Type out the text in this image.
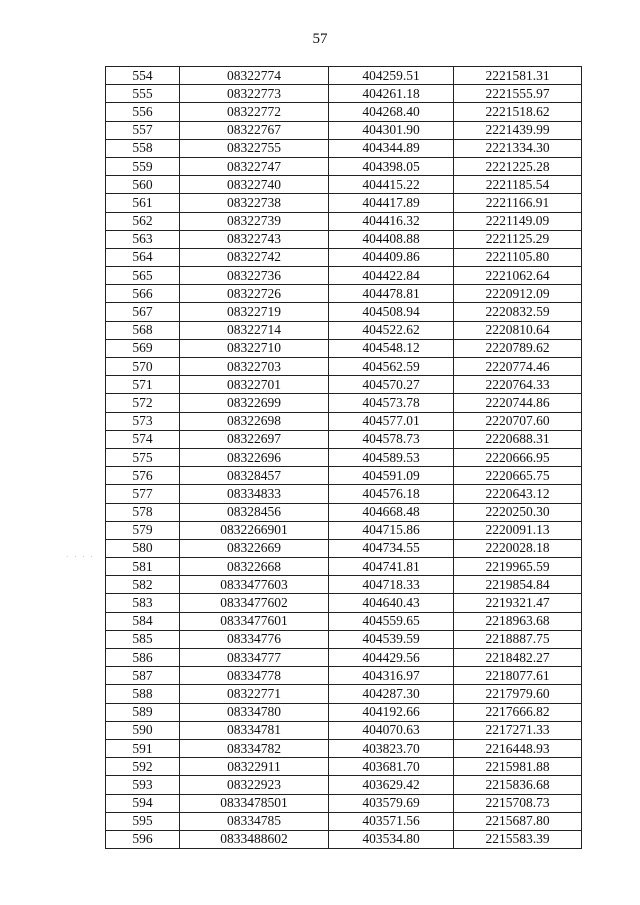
57
· · · ·
554	08322774	404259.51	2221581.31
555	08322773	404261.18	2221555.97
556	08322772	404268.40	2221518.62
557	08322767	404301.90	2221439.99
558	08322755	404344.89	2221334.30
559	08322747	404398.05	2221225.28
560	08322740	404415.22	2221185.54
561	08322738	404417.89	2221166.91
562	08322739	404416.32	2221149.09
563	08322743	404408.88	2221125.29
564	08322742	404409.86	2221105.80
565	08322736	404422.84	2221062.64
566	08322726	404478.81	2220912.09
567	08322719	404508.94	2220832.59
568	08322714	404522.62	2220810.64
569	08322710	404548.12	2220789.62
570	08322703	404562.59	2220774.46
571	08322701	404570.27	2220764.33
572	08322699	404573.78	2220744.86
573	08322698	404577.01	2220707.60
574	08322697	404578.73	2220688.31
575	08322696	404589.53	2220666.95
576	08328457	404591.09	2220665.75
577	08334833	404576.18	2220643.12
578	08328456	404668.48	2220250.30
579	0832266901	404715.86	2220091.13
580	08322669	404734.55	2220028.18
581	08322668	404741.81	2219965.59
582	0833477603	404718.33	2219854.84
583	0833477602	404640.43	2219321.47
584	0833477601	404559.65	2218963.68
585	08334776	404539.59	2218887.75
586	08334777	404429.56	2218482.27
587	08334778	404316.97	2218077.61
588	08322771	404287.30	2217979.60
589	08334780	404192.66	2217666.82
590	08334781	404070.63	2217271.33
591	08334782	403823.70	2216448.93
592	08322911	403681.70	2215981.88
593	08322923	403629.42	2215836.68
594	0833478501	403579.69	2215708.73
595	08334785	403571.56	2215687.80
596	0833488602	403534.80	2215583.39
